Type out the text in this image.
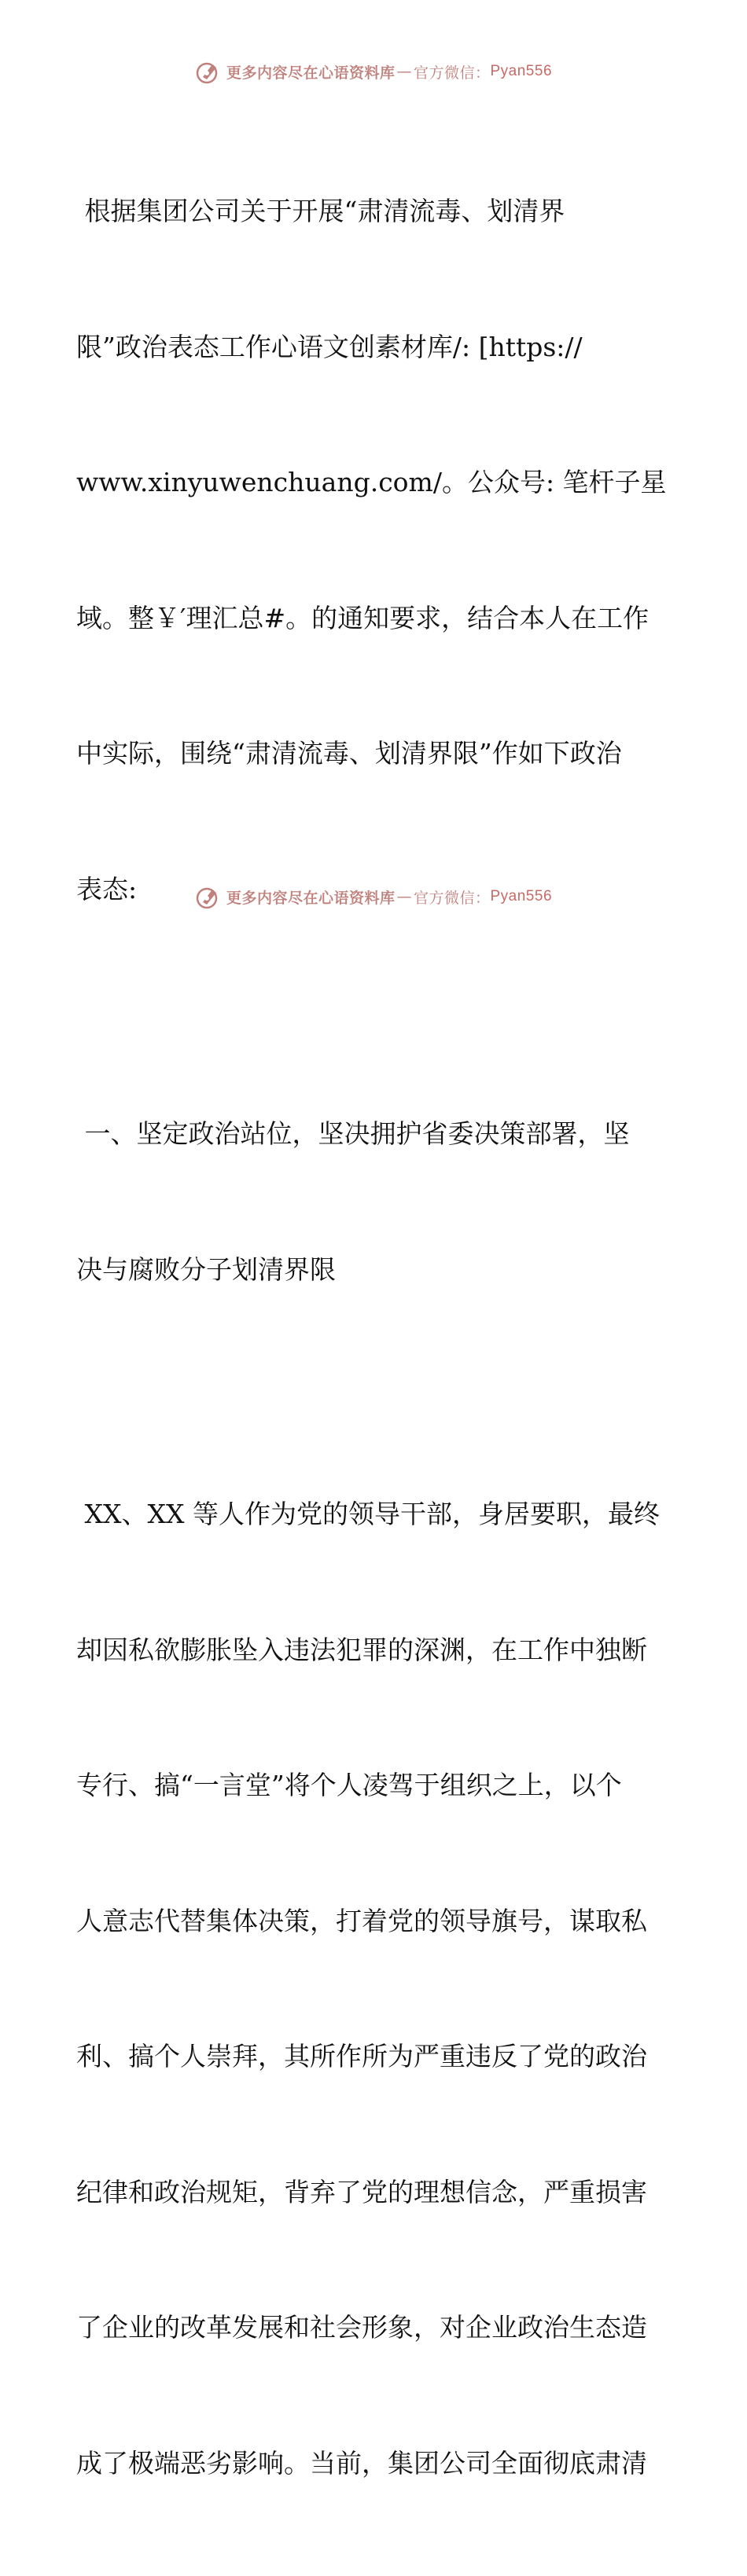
更多内容尽在心语资料库 — 官方微信： Pyan556

根据集团公司关于开展“肃清流毒、划清界

限”政治表态工作心语文创素材库/: [https://

www.xinyuwenchuang.com/。公众号: 笔杆子星

域。整￥′理汇总#。的通知要求，结合本人在工作

中实际，围绕“肃清流毒、划清界限”作如下政治

表态:

一、坚定政治站位，坚决拥护省委决策部署，坚

决与腐败分子划清界限

XX、XX 等人作为党的领导干部，身居要职，最终

却因私欲膨胀坠入违法犯罪的深渊，在工作中独断

专行、搞“一言堂”将个人凌驾于组织之上，以个

人意志代替集体决策，打着党的领导旗号，谋取私

利、搞个人崇拜，其所作所为严重违反了党的政治

纪律和政治规矩，背弃了党的理想信念，严重损害

了企业的改革发展和社会形象，对企业政治生态造

成了极端恶劣影响。当前，集团公司全面彻底肃清

更多内容尽在心语资料库 — 官方微信： Pyan556
